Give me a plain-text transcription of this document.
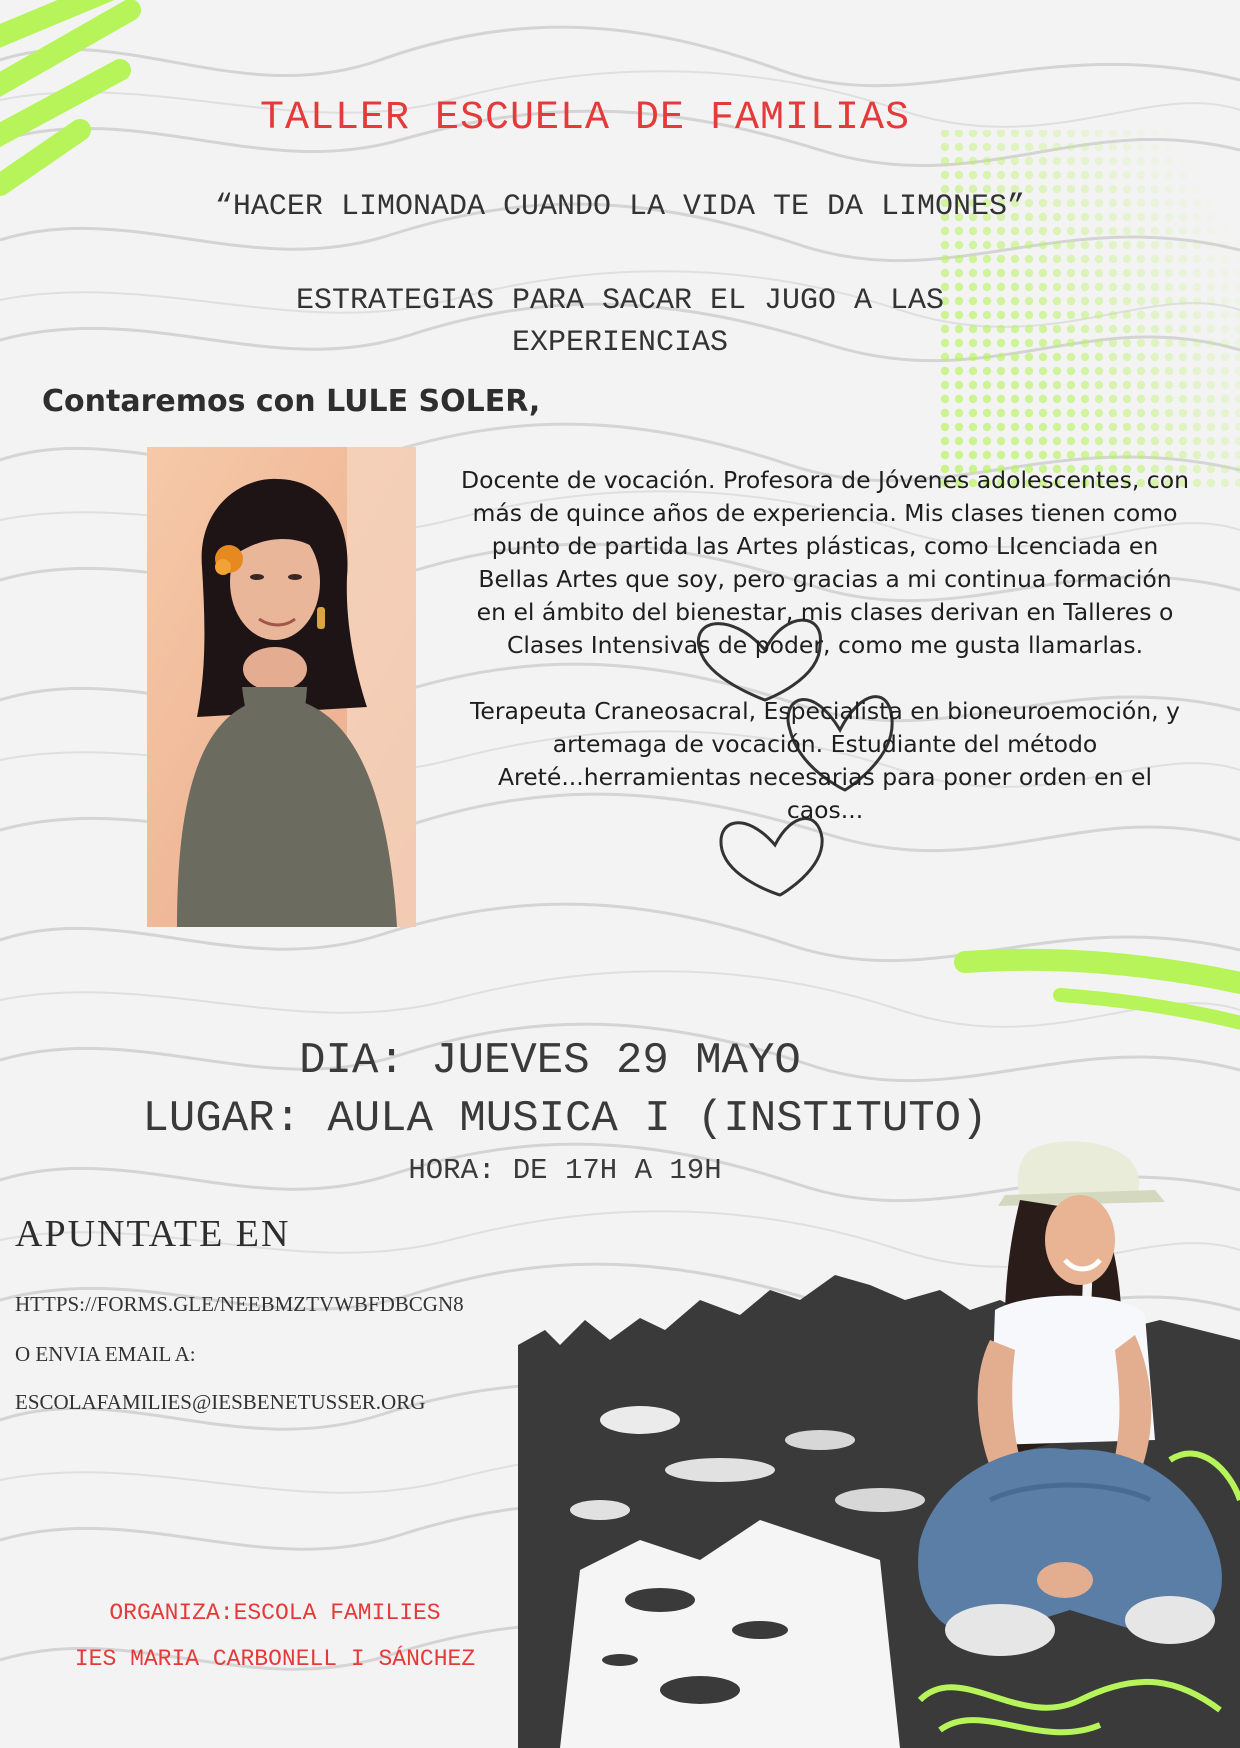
TALLER ESCUELA DE FAMILIAS
“HACER LIMONADA CUANDO LA VIDA TE DA LIMONES”
ESTRATEGIAS PARA SACAR EL JUGO A LAS EXPERIENCIAS
Contaremos con LULE SOLER,

Docente de vocación. Profesora de Jóvenes adolescentes, con más de quince años de experiencia. Mis clases tienen como punto de partida las Artes plásticas, como LIcenciada en Bellas Artes que soy, pero gracias a mi continua formación en el ámbito del bienestar, mis clases derivan en Talleres o Clases Intensivas de poder, como me gusta llamarlas.

Terapeuta Craneosacral, Especialista en bioneuroemoción, y artemaga de vocación. Estudiante del método Areté...herramientas necesarias para poner orden en el caos...

DIA: JUEVES 29 MAYO
LUGAR: AULA MUSICA I (INSTITUTO)
HORA: DE 17H A 19H
APUNTATE EN
HTTPS://FORMS.GLE/NEEBMZTVWBFDBCGN8
O ENVIA EMAIL A:
ESCOLAFAMILIES@IESBENETUSSER.ORG
ORGANIZA:ESCOLA FAMILIES
IES MARIA CARBONELL I SÁNCHEZ
